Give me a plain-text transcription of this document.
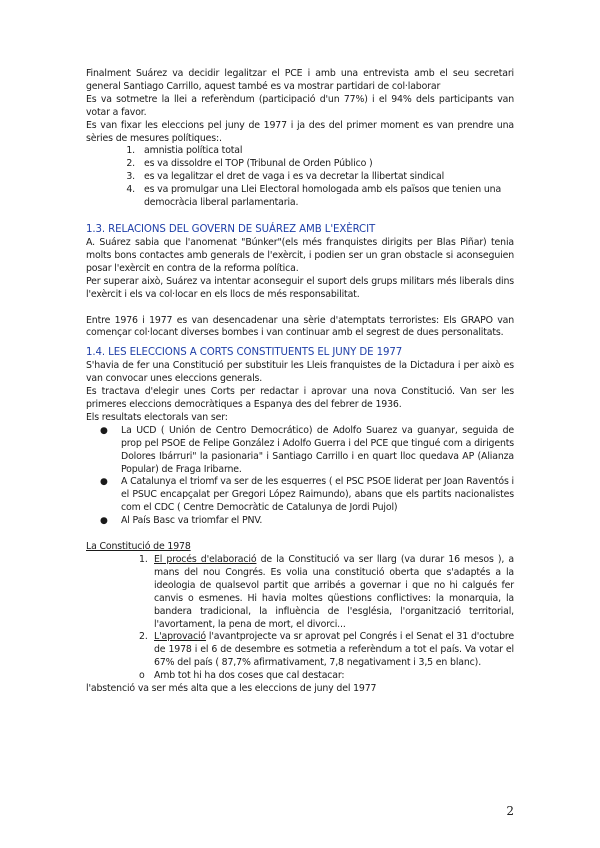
Finalment Suárez va decidir legalitzar el PCE i amb una entrevista amb el seu secretari general Santiago Carrillo, aquest també es va mostrar partidari de col·laborar

Es va sotmetre la llei a referèndum (participació d'un 77%) i el 94% dels participants van votar a favor.

Es van fixar les eleccions pel juny de 1977 i ja des del primer moment es van prendre una sèries de mesures polítiques:.

1. amnistia política total
2. es va dissoldre el TOP (Tribunal de Orden Público )
3. es va legalitzar el dret de vaga i es va decretar la llibertat sindical
4. es va promulgar una Llei Electoral homologada amb els països que tenien una democràcia liberal parlamentaria.
1.3. RELACIONS DEL GOVERN DE SUÁREZ AMB L'EXÈRCIT

A. Suárez sabia que l'anomenat "Búnker"(els més franquistes dirigits per Blas Piñar) tenia molts bons contactes amb generals de l'exèrcit, i podien ser un gran obstacle si aconseguien posar l'exèrcit en contra de la reforma política.

Per superar això, Suárez va intentar aconseguir el suport dels grups militars més liberals dins l'exèrcit i els va col·locar en els llocs de més responsabilitat.

Entre 1976 i 1977 es van desencadenar una sèrie d'atemptats terroristes: Els GRAPO van començar col·locant diverses bombes i van continuar amb el segrest de dues personalitats.

1.4. LES ELECCIONS A CORTS CONSTITUENTS EL JUNY DE 1977

S'havia de fer una Constitució per substituir les Lleis franquistes de la Dictadura i per això es van convocar unes eleccions generals.

Es tractava d'elegir unes Corts per redactar i aprovar una nova Constitució. Van ser les primeres eleccions democràtiques a Espanya des del febrer de 1936.

Els resultats electorals van ser:

● La UCD ( Unión de Centro Democrático) de Adolfo Suarez va guanyar, seguida de prop pel PSOE de Felipe González i Adolfo Guerra i del PCE que tingué com a dirigents Dolores Ibárruri" la pasionaria" i Santiago Carrillo i en quart lloc quedava AP (Alianza Popular) de Fraga Iribarne.
● A Catalunya el triomf va ser de les esquerres ( el PSC PSOE liderat per Joan Raventós i el PSUC encapçalat per Gregori López Raimundo), abans que els partits nacionalistes com el CDC ( Centre Democràtic de Catalunya de Jordi Pujol)
● Al País Basc va triomfar el PNV.

La Constitució de 1978

1. El procés d'elaboració de la Constitució va ser llarg (va durar 16 mesos ), a mans del nou Congrés. Es volia una constitució oberta que s'adaptés a la ideologia de qualsevol partit que arribés a governar i que no hi calgués fer canvis o esmenes. Hi havia moltes qüestions conflictives: la monarquia, la bandera tradicional, la influència de l'església, l'organització territorial, l'avortament, la pena de mort, el divorci...
2. L'aprovació l'avantprojecte va sr aprovat pel Congrés i el Senat el 31 d'octubre de 1978 i el 6 de desembre es sotmetia a referèndum a tot el país. Va votar el 67% del país ( 87,7% afirmativament, 7,8 negativament i 3,5 en blanc).
o Amb tot hi ha dos coses que cal destacar:

l'abstenció va ser més alta que a les eleccions de juny del 1977

2
